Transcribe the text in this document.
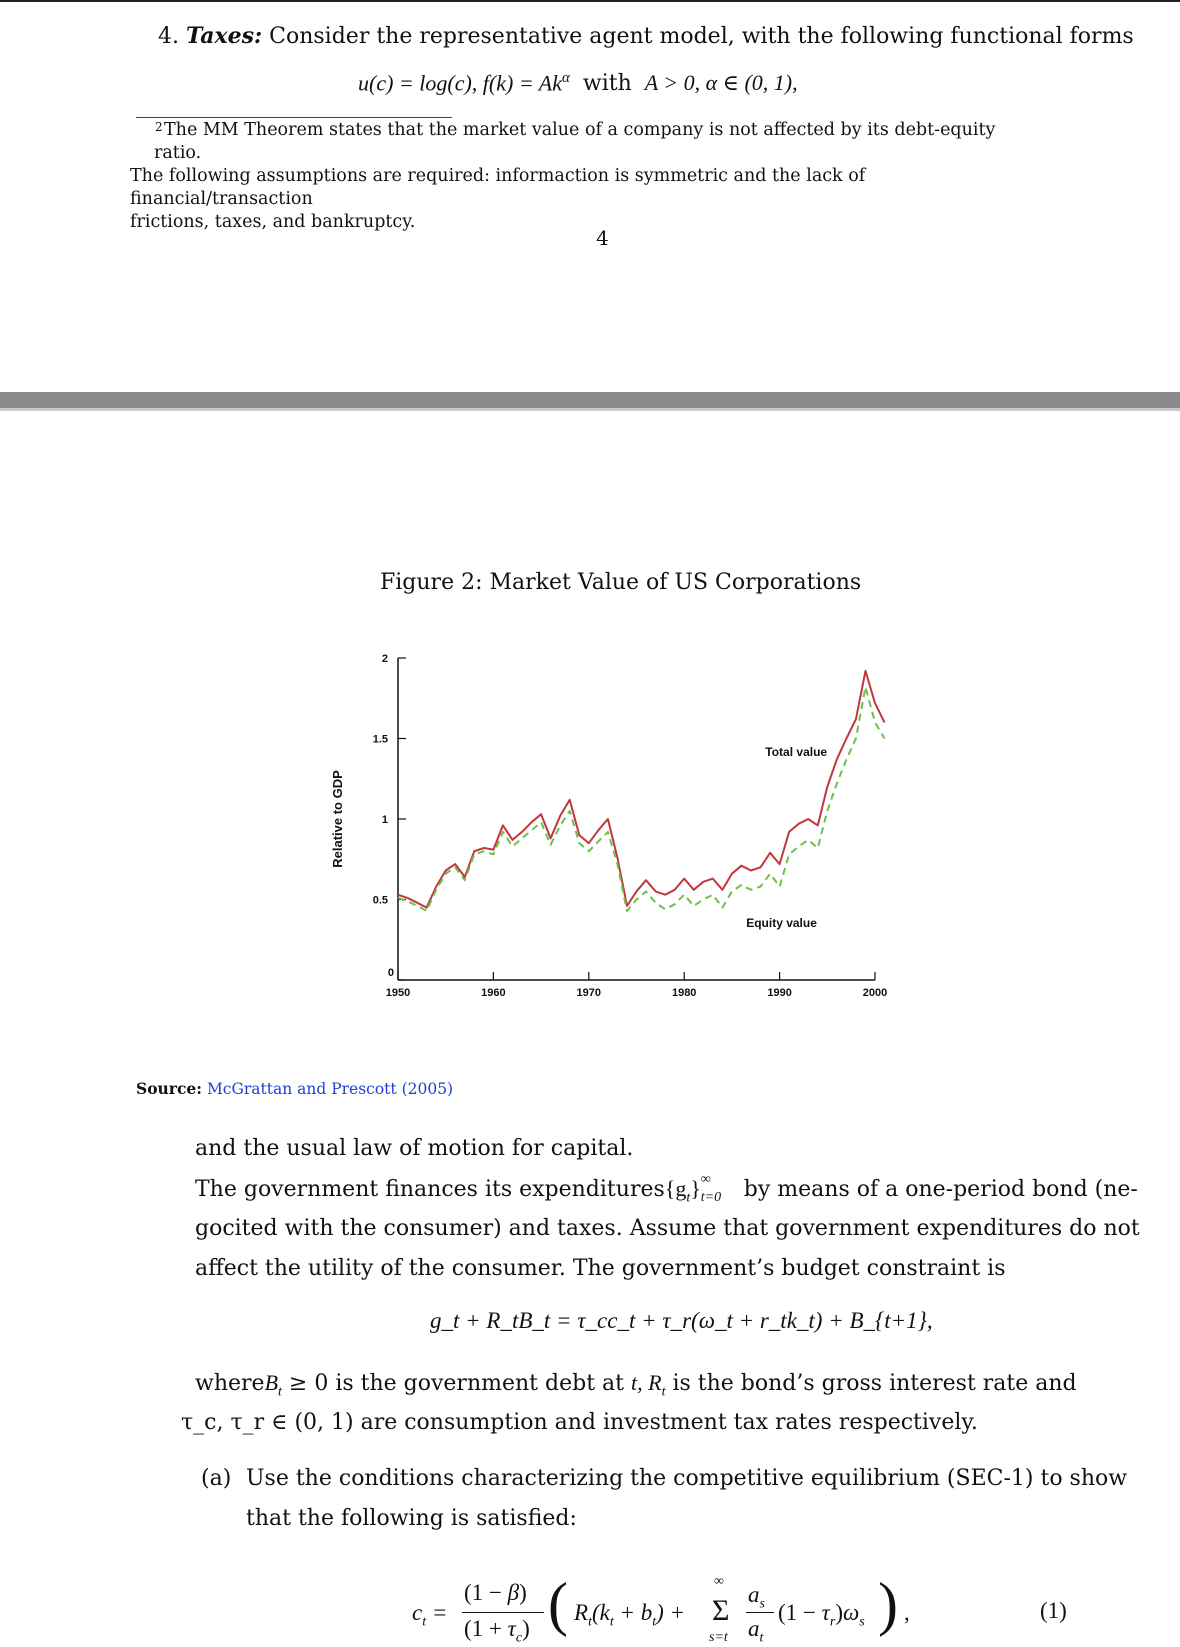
4. Taxes: Consider the representative agent model, with the following functional forms
u(c) = log(c), $f(k) = Ak^\alpha$ with A > 0, α ∈ (0, 1),
2 The MM Theorem states that the market value of a company is not affected by its debt-equity ratio.
The following assumptions are required: informaction is symmetric and the lack of financial/transaction
frictions, taxes, and bankruptcy.
4
Figure 2: Market Value of US Corporations
0
0.5
1
1.5
2
1950	1960	1970	1980	1990	2000
Relative to GDP
Total value
Equity value
Source: McGrattan and Prescott (2005)
and the usual law of motion for capital.
The government finances its $expenditures\{g_t\}$ ∞
t=0 by means of a one-period bond (ne-
gocited with the consumer) and taxes. Assume that government expenditures do not
affect the utility of the consumer. The government’s budget constraint is
g_t + R_tB_t = τ_cc_t + τ_r(ω_t + r_tk_t) + B_{t+1},
whereB$_t$ ≥ 0 is the government debt at t, $R_t$ is the bond’s gross interest rate and
τ_c, τ_r ∈ (0, 1) are consumption and investment tax rates respectively.
(a) Use the conditions characterizing the competitive equilibrium (SEC-1) to show
that the following is satisfied:
$c_t$ =
(1 − β)
$(1 + \tau_c)$ ( $R_t(k_t + b_t) + \Sigma$
∞
s=t
$a_s$
$a_t$
$(1 - \tau_r)\omega_s$ ) ,	(1)
